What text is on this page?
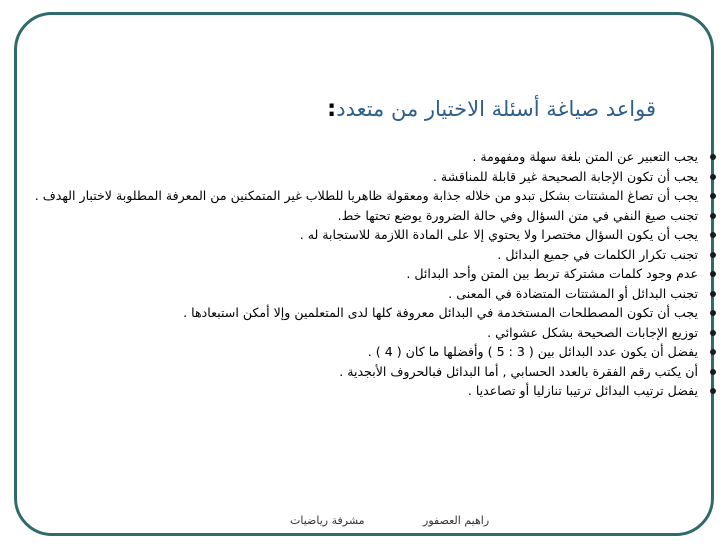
قواعد صياغة أسئلة الاختيار من متعدد:
يجب التعبير عن المتن بلغة سهلة ومفهومة .
يجب أن تكون الإجابة الصحيحة غير قابلة للمناقشة .
يجب أن تصاغ المشتتات بشكل تبدو من خلاله جذابة ومعقولة ظاهريا للطلاب غير المتمكنين من المعرفة المطلوبة لاختبار الهدف .
تجنب صيغ النفي في متن السؤال وفي حالة الضرورة يوضع تحتها خط.
يجب أن يكون السؤال مختصرا ولا يحتوي إلا على المادة اللازمة للاستجابة له .
تجنب تكرار الكلمات في جميع البدائل .
عدم وجود كلمات مشتركة تربط بين المتن وأحد البدائل .
تجنب البدائل أو المشتتات المتضادة في المعنى .
يجب أن تكون المصطلحات المستخدمة في البدائل معروفة كلها لدى المتعلمين وإلا أمكن استبعادها .
توزيع الإجابات الصحيحة بشكل عشوائي .
يفضل أن يكون عدد البدائل بين ( 3 : 5 ) وأفضلها ما كان ( 4 ) .
أن يكتب رقم الفقرة بالعدد الحسابي , أما البدائل فبالحروف الأبجدية .
يفضل ترتيب البدائل ترتيبا تنازليا أو تصاعديا .
راهيم العصفور مشرفة رياضيات
